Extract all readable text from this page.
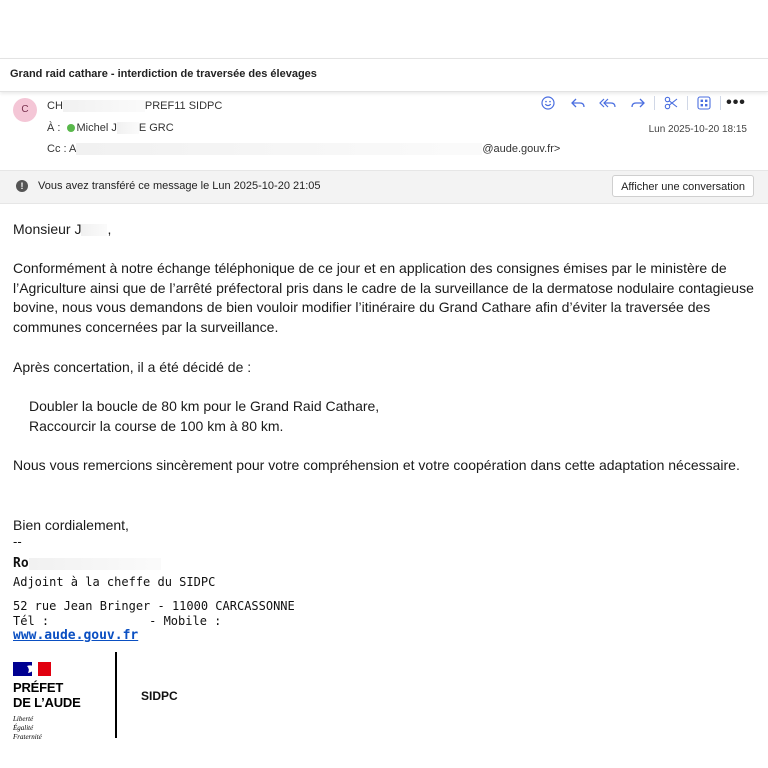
Grand raid cathare - interdiction de traversée des élevages
C	CH	PREF11 SIDPC	•••
À : Michel J E GRC	Lun 2025-10-20 18:15
Cc : A	@aude.gouv.fr>
!	Vous avez transféré ce message le Lun 2025-10-20 21:05	Afficher une conversation
Monsieur J ,
Conformément à notre échange téléphonique de ce jour et en application des consignes émises par le ministère de l’Agriculture ainsi que de l’arrêté préfectoral pris dans le cadre de la surveillance de la dermatose nodulaire contagieuse bovine, nous vous demandons de bien vouloir modifier l’itinéraire du Grand Cathare afin d’éviter la traversée des communes concernées par la surveillance.
Après concertation, il a été décidé de :
Doubler la boucle de 80 km pour le Grand Raid Cathare,
Raccourcir la course de 100 km à 80 km.
Nous vous remercions sincèrement pour votre compréhension et votre coopération dans cette adaptation nécessaire.
Bien cordialement,
--
Ro
Adjoint à la cheffe du SIDPC
52 rue Jean Bringer - 11000 CARCASSONNE
Tél :	- Mobile :
www.aude.gouv.fr
PRÉFET
DE L’AUDE
Liberté
Égalité
Fraternité
SIDPC
